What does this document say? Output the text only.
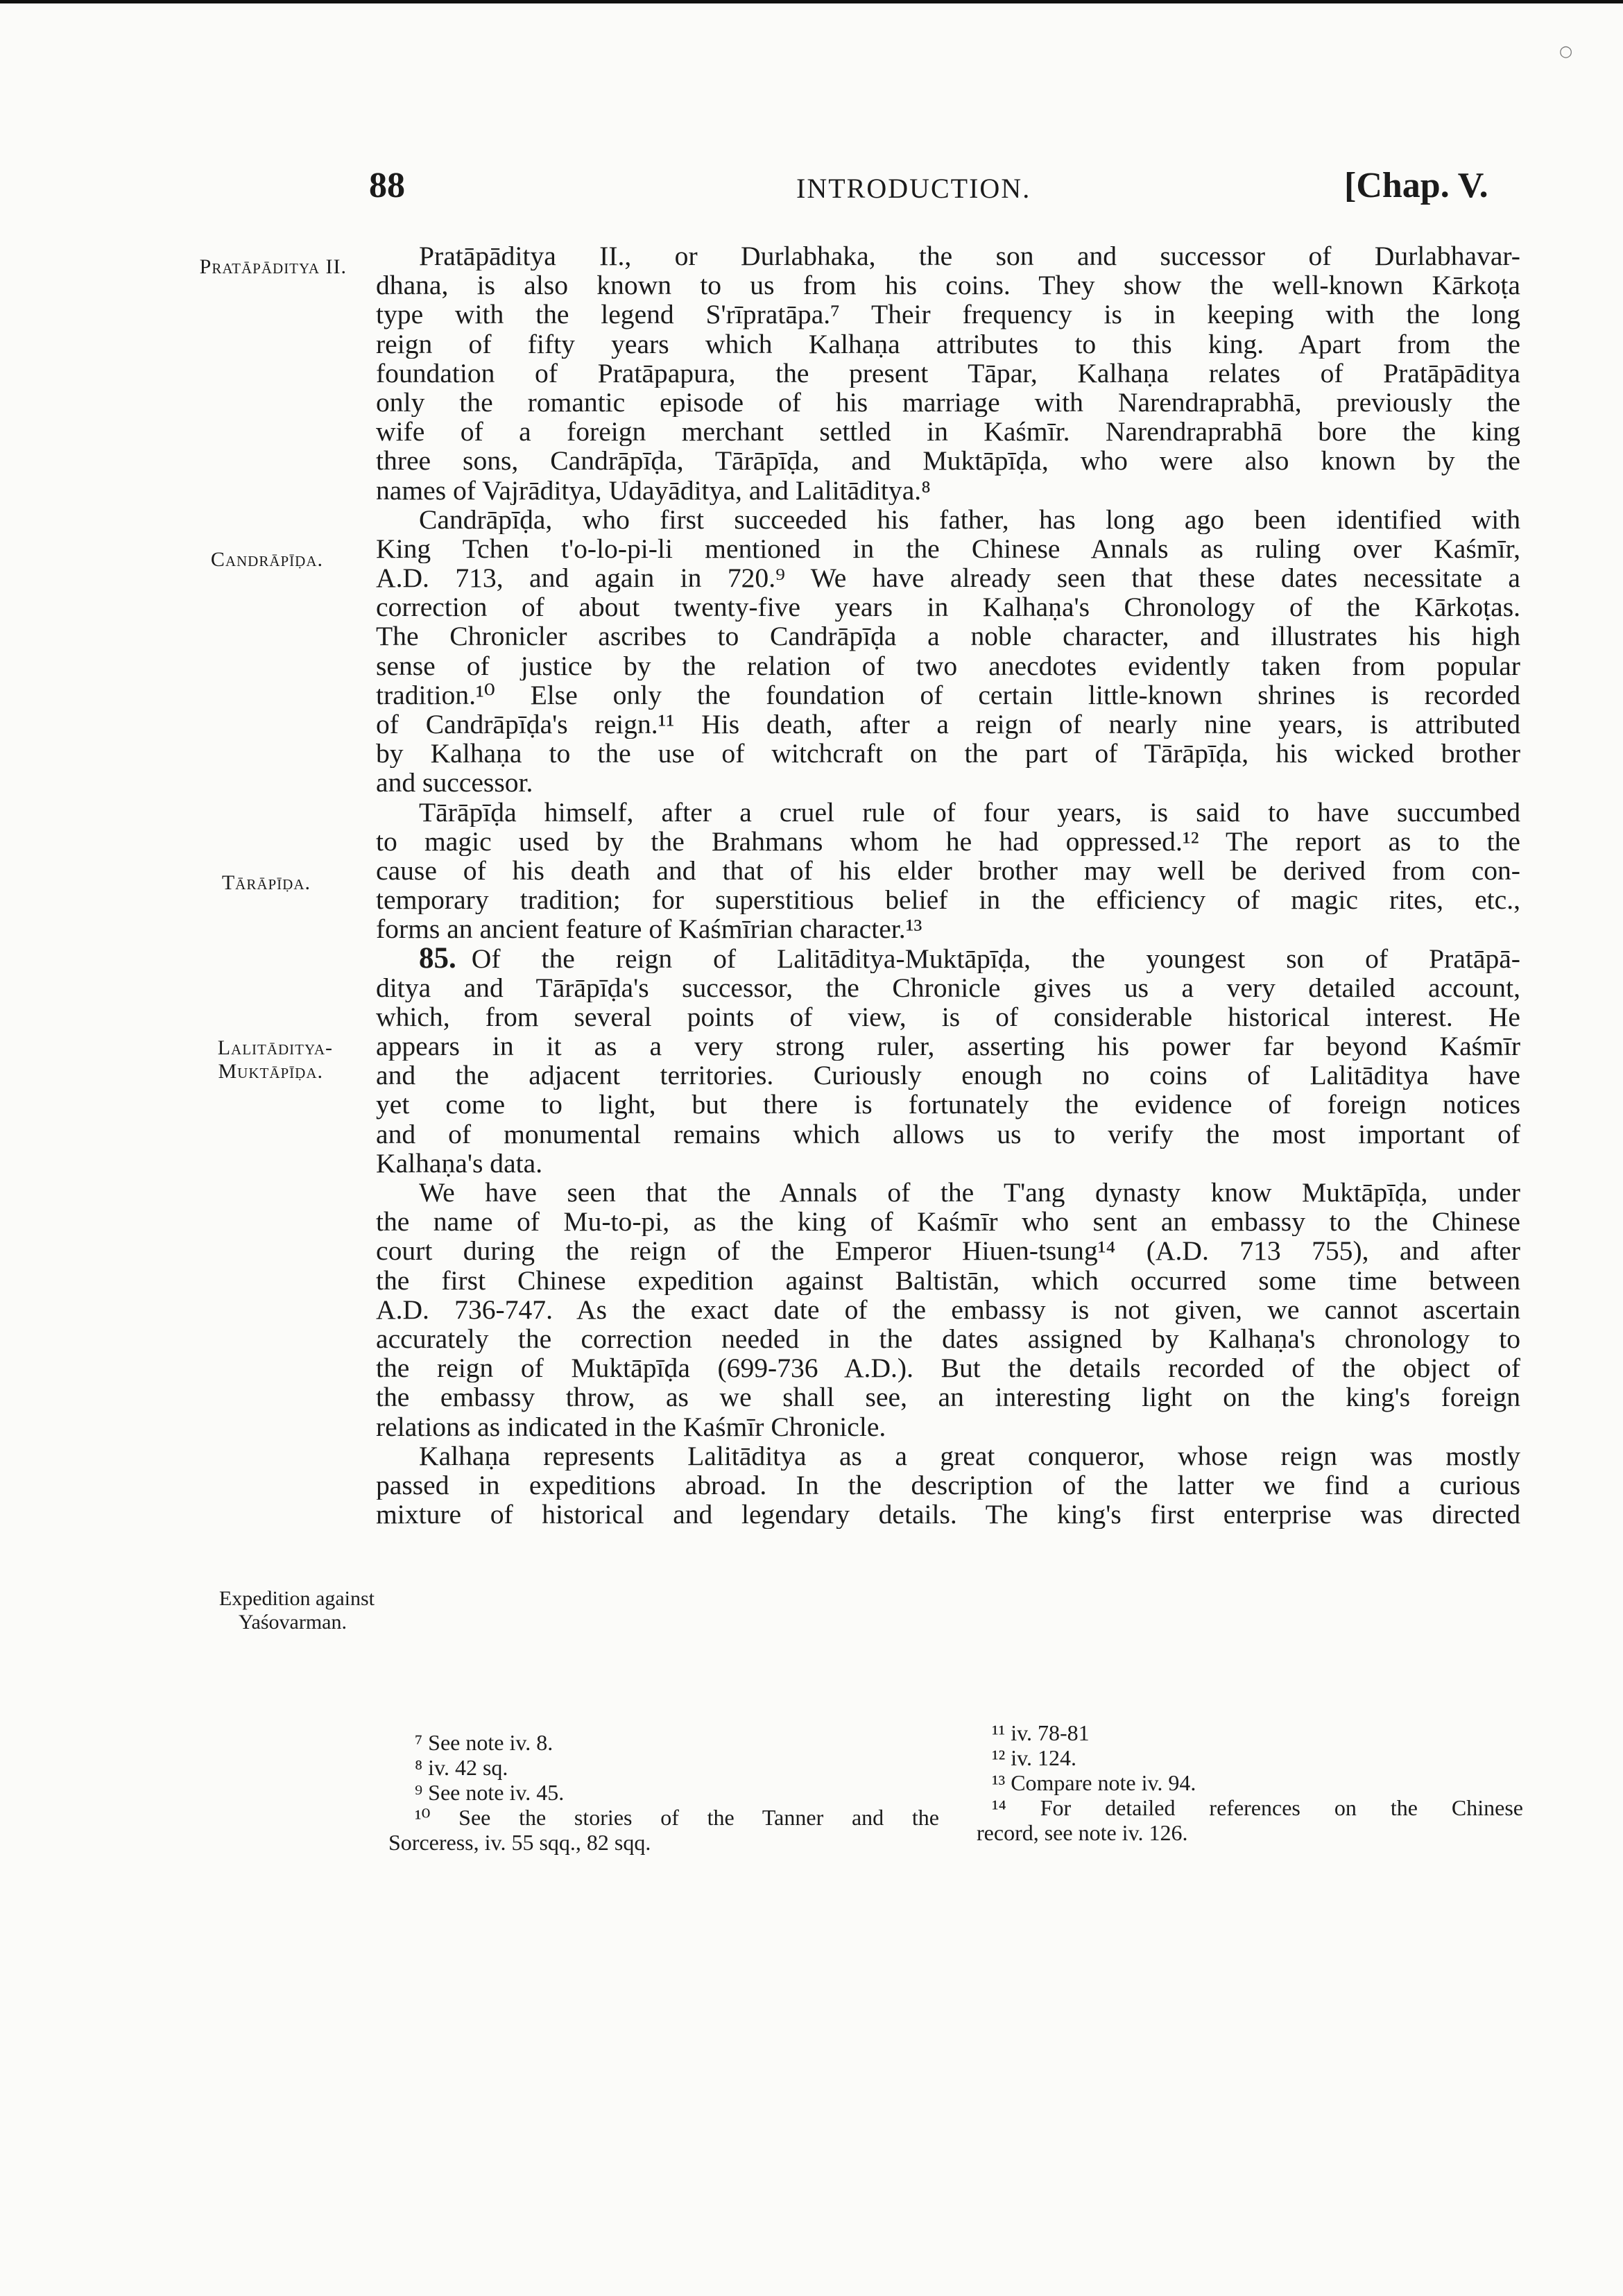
○
88	INTRODUCTION.	[Chap. V.
Pratāpāditya II.
Candrāpīḍa.
Tārāpīḍa.
Lalitāditya-
Muktāpīḍa.
Expedition against
Yaśovarman.
Pratāpāditya II., or Durlabhaka, the son and successor of Durlabhavar-
dhana, is also known to us from his coins. They show the well-known Kārkoṭa
type with the legend S'rīpratāpa.⁷ Their frequency is in keeping with the long
reign of fifty years which Kalhaṇa attributes to this king. Apart from the
foundation of Pratāpapura, the present Tāpar, Kalhaṇa relates of Pratāpāditya
only the romantic episode of his marriage with Narendraprabhā, previously the
wife of a foreign merchant settled in Kaśmīr. Narendraprabhā bore the king
three sons, Candrāpīḍa, Tārāpīḍa, and Muktāpīḍa, who were also known by the
names of Vajrāditya, Udayāditya, and Lalitāditya.⁸
Candrāpīḍa, who first succeeded his father, has long ago been identified with
King Tchen t'o-lo-pi-li mentioned in the Chinese Annals as ruling over Kaśmīr,
A.D. 713, and again in 720.⁹ We have already seen that these dates necessitate a
correction of about twenty-five years in Kalhaṇa's Chronology of the Kārkoṭas.
The Chronicler ascribes to Candrāpīḍa a noble character, and illustrates his high
sense of justice by the relation of two anecdotes evidently taken from popular
tradition.¹⁰ Else only the foundation of certain little-known shrines is recorded
of Candrāpīḍa's reign.¹¹ His death, after a reign of nearly nine years, is attributed
by Kalhaṇa to the use of witchcraft on the part of Tārāpīḍa, his wicked brother
and successor.
Tārāpīḍa himself, after a cruel rule of four years, is said to have succumbed
to magic used by the Brahmans whom he had oppressed.¹² The report as to the
cause of his death and that of his elder brother may well be derived from con-
temporary tradition; for superstitious belief in the efficiency of magic rites, etc.,
forms an ancient feature of Kaśmīrian character.¹³
85. Of the reign of Lalitāditya-Muktāpīḍa, the youngest son of Pratāpā-
ditya and Tārāpīḍa's successor, the Chronicle gives us a very detailed account,
which, from several points of view, is of considerable historical interest. He
appears in it as a very strong ruler, asserting his power far beyond Kaśmīr
and the adjacent territories. Curiously enough no coins of Lalitāditya have
yet come to light, but there is fortunately the evidence of foreign notices
and of monumental remains which allows us to verify the most important of
Kalhaṇa's data.
We have seen that the Annals of the T'ang dynasty know Muktāpīḍa, under
the name of Mu-to-pi, as the king of Kaśmīr who sent an embassy to the Chinese
court during the reign of the Emperor Hiuen-tsung¹⁴ (A.D. 713 755), and after
the first Chinese expedition against Baltistān, which occurred some time between
A.D. 736-747. As the exact date of the embassy is not given, we cannot ascertain
accurately the correction needed in the dates assigned by Kalhaṇa's chronology to
the reign of Muktāpīḍa (699-736 A.D.). But the details recorded of the object of
the embassy throw, as we shall see, an interesting light on the king's foreign
relations as indicated in the Kaśmīr Chronicle.
Kalhaṇa represents Lalitāditya as a great conqueror, whose reign was mostly
passed in expeditions abroad. In the description of the latter we find a curious
mixture of historical and legendary details. The king's first enterprise was directed
⁷ See note iv. 8.
⁸ iv. 42 sq.
⁹ See note iv. 45.
¹⁰ See the stories of the Tanner and the
Sorceress, iv. 55 sqq., 82 sqq.
¹¹ iv. 78-81
¹² iv. 124.
¹³ Compare note iv. 94.
¹⁴ For detailed references on the Chinese
record, see note iv. 126.
